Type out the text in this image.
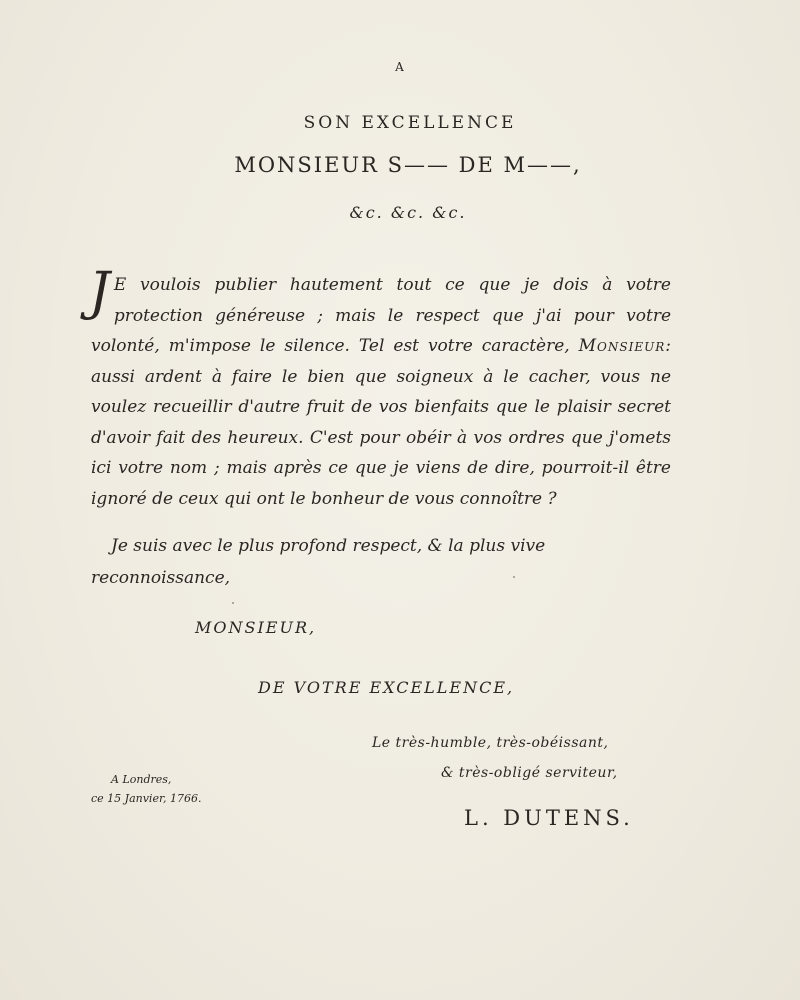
A
SON EXCELLENCE
MONSIEUR S—— DE M——,
&c. &c. &c.
J E voulois publier hautement tout ce que je dois à votre protection généreuse ; mais le respect que j'ai pour votre volonté, m'impose le silence. Tel est votre caractère, Monsieur: aussi ardent à faire le bien que soigneux à le cacher, vous ne voulez recueillir d'autre fruit de vos bienfaits que le plaisir secret d'avoir fait des heureux. C'est pour obéir à vos ordres que j'omets ici votre nom ; mais après ce que je viens de dire, pourroit-il être ignoré de ceux qui ont le bonheur de vous connoître ?
Je suis avec le plus profond respect, & la plus vive reconnoissance,
MONSIEUR,
DE VOTRE EXCELLENCE,
Le très-humble, très-obéissant,
& très-obligé serviteur,
A Londres,
ce 15 Janvier, 1766.
L. DUTENS.
